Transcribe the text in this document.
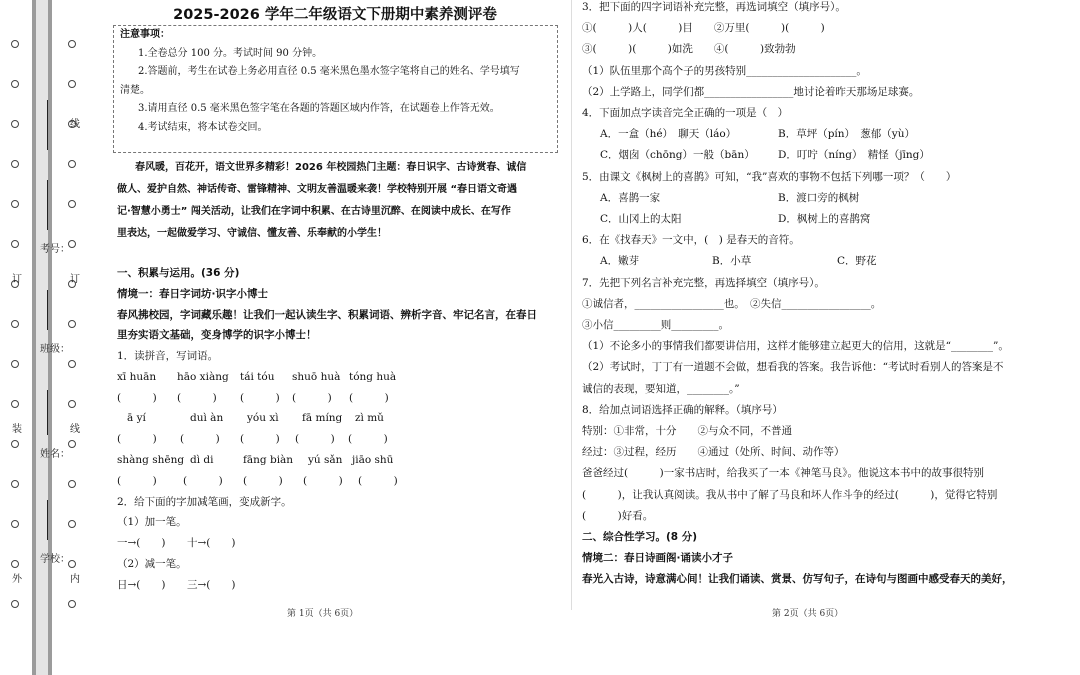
线
考号：
班级：
姓名：
学校：
订
装
外	内
线
订
2025-2026 学年二年级语文下册期中素养测评卷

注意事项：

1.全卷总分 100 分。考试时间 90 分钟。

2.答题前，考生在试卷上务必用直径 0.5 毫米黑色墨水签字笔将自己的姓名、学号填写

清楚。

3.请用直径 0.5 毫米黑色签字笔在各题的答题区域内作答，在试题卷上作答无效。

4.考试结束，将本试卷交回。

春风暖，百花开，语文世界多精彩！2026 年校园热门主题：春日识字、古诗赏春、诚信

做人、爱护自然、神话传奇、雷锋精神、文明友善温暖来袭！学校特别开展 “春日语文奇遇

记·智慧小勇士” 闯关活动，让我们在字词中积累、在古诗里沉醉、在阅读中成长、在写作

里表达，一起做爱学习、守诚信、懂友善、乐奉献的小学生！

一、积累与运用。(36 分)

情境一：春日字词坊·识字小博士

春风拂校园，字词藏乐趣！让我们一起认读生字、积累词语、辨析字音、牢记名言，在春日

里夯实语文基础，变身博学的识字小博士！

1．读拼音，写词语。

xī huān hāo xiàng tái tóu shuō huà tóng huà

(　　　) (　　　) (　　　) (　　　) (　　　)

ā yí	duì àn yóu xì fā míng zì mǔ

(　　　) (　　　) (　　　) (　　　) (　　　)

shàng shēng dì di	fāng biàn yú sǎn jiāo shū

(　　　)	(　　　) (　　　) (　　　) (　　　)

2．给下面的字加减笔画，变成新字。

（1）加一笔。

一→(　　) 十→(　　)

（2）减一笔。

日→(　　) 三→(　　)

第 1页（共 6页）

3．把下面的四字词语补充完整，再选词填空（填序号）。

①(　　　)人(　　　)目　　②万里(　　　)(　　　)

③(　　　)(　　　)如洗　　④(　　　)致勃勃

（1）队伍里那个高个子的男孩特别_____________________。

（2）上学路上，同学们都_________________地讨论着昨天那场足球赛。

4．下面加点字读音完全正确的一项是（　）

A．一盒（hé）　聊天（láo）	B．草坪（pín）　葱郁（yù）

C．烟囱（chōng）一般（bān） D．叮咛（níng）　精怪（jīng）

5．由课文《枫树上的喜鹊》可知，“我”喜欢的事物不包括下列哪一项？（　　）

A．喜鹊一家	B．渡口旁的枫树

C．山冈上的太阳	D．枫树上的喜鹊窝

6．在《找春天》一文中，(　) 是春天的音符。

A．嫩芽	B．小草	C．野花

7．先把下列名言补充完整，再选择填空（填序号）。

①诚信者，_________________也。　②失信_________________。

③小信_________则_________。

（1）不论多小的事情我们都要讲信用，这样才能够建立起更大的信用，这就是“________”。

（2）考试时，丁丁有一道题不会做，想看我的答案。我告诉他：“考试时看别人的答案是不

诚信的表现，要知道，________。”

8．给加点词语选择正确的解释。（填序号）

特别：①非常，十分　　②与众不同，不普通

经过：③过程，经历　　④通过（处所、时间、动作等）

爸爸经过(　　　)一家书店时，给我买了一本《神笔马良》。他说这本书中的故事很特别

(　　　)，让我认真阅读。我从书中了解了马良和坏人作斗争的经过(　　　)，觉得它特别

(　　　)好看。

二、综合性学习。(8 分)

情境二：春日诗画阁·诵读小才子

春光入古诗，诗意满心间！让我们诵读、赏景、仿写句子，在诗句与图画中感受春天的美好，

第 2页（共 6页）
